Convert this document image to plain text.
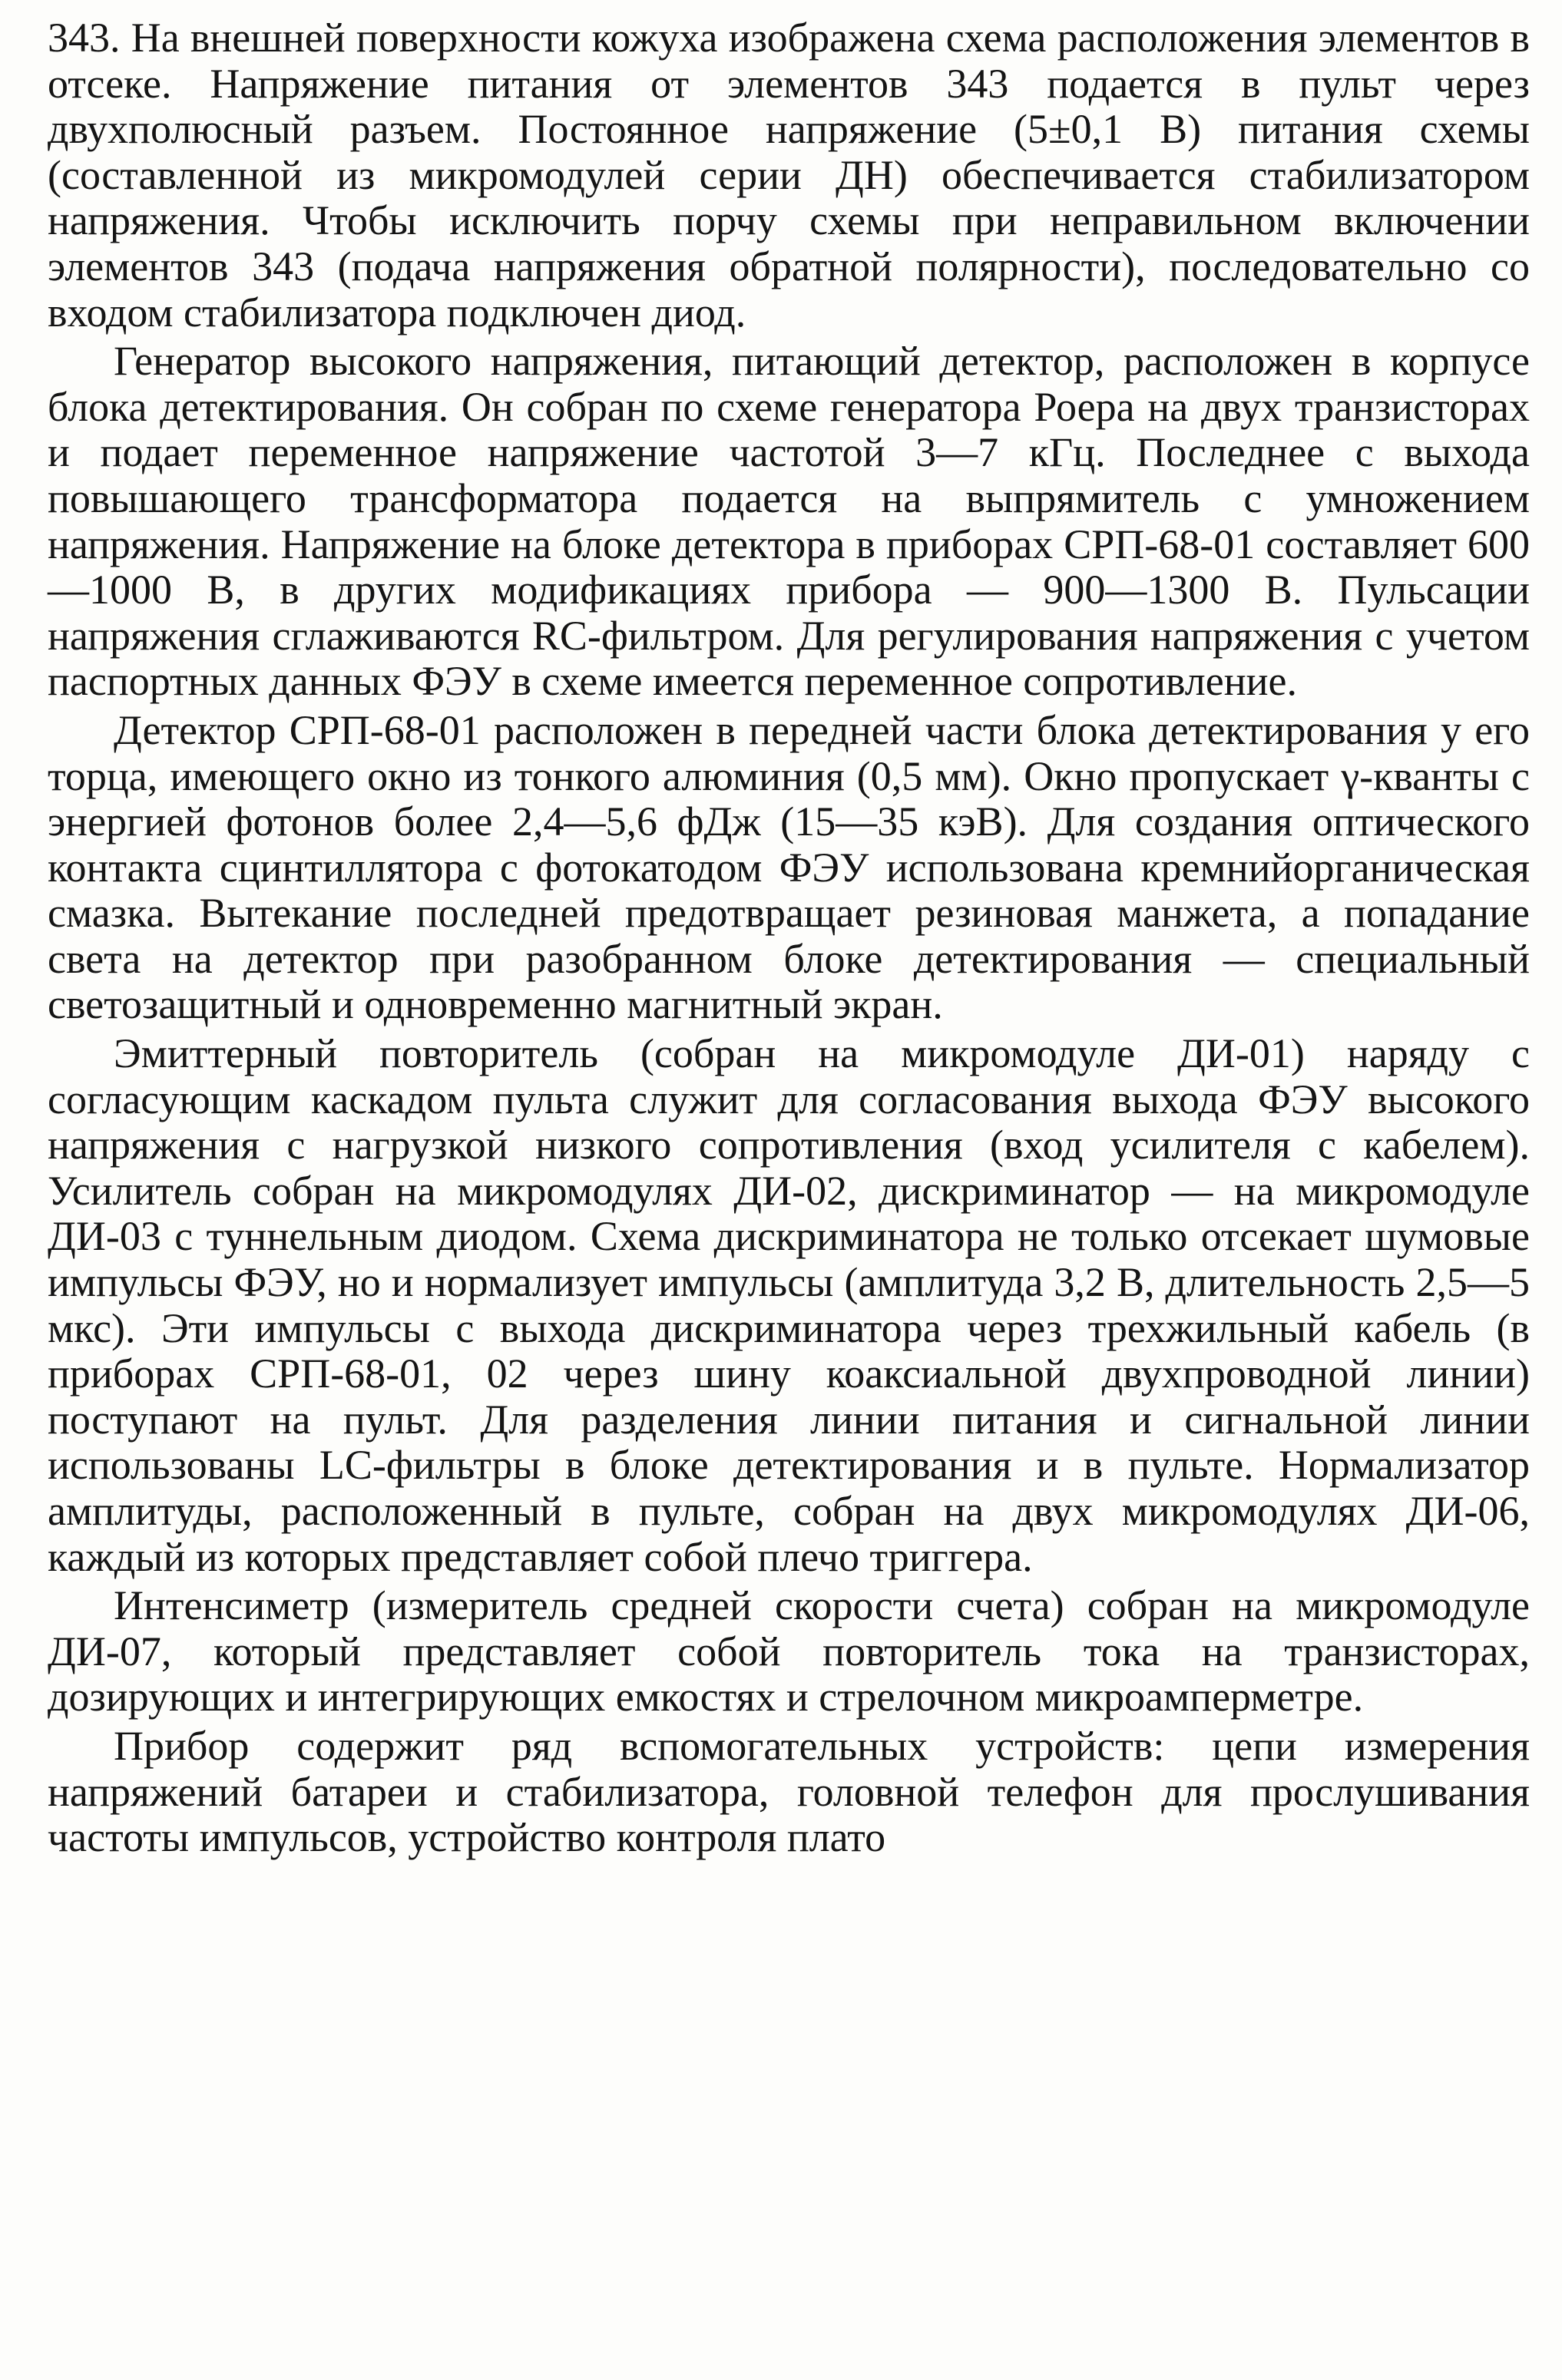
343. На внешней поверхности кожуха изображена схема расположения элементов в отсеке. Напряжение питания от элементов 343 подается в пульт через двухполюсный разъем. Постоянное напряжение (5±0,1 В) питания схемы (составленной из микромодулей серии ДН) обеспечивается стабилизатором напряжения. Чтобы исключить порчу схемы при неправильном включении элементов 343 (подача напряжения обратной полярности), последовательно со входом стабилизатора подключен диод.

Генератор высокого напряжения, питающий детектор, расположен в корпусе блока детектирования. Он собран по схеме генератора Роера на двух транзисторах и подает переменное напряжение частотой 3—7 кГц. Последнее с выхода повышающего трансформатора подается на выпрямитель с умножением напряжения. Напряжение на блоке детектора в приборах СРП-68-01 составляет 600—1000 В, в других модификациях прибора — 900—1300 В. Пульсации напряжения сглаживаются RC-фильтром. Для регулирования напряжения с учетом паспортных данных ФЭУ в схеме имеется переменное сопротивление.

Детектор СРП-68-01 расположен в передней части блока детектирования у его торца, имеющего окно из тонкого алюминия (0,5 мм). Окно пропускает γ-кванты с энергией фотонов более 2,4—5,6 фДж (15—35 кэВ). Для создания оптического контакта сцинтиллятора с фотокатодом ФЭУ использована кремнийорганическая смазка. Вытекание последней предотвращает резиновая манжета, а попадание света на детектор при разобранном блоке детектирования — специальный светозащитный и одновременно магнитный экран.

Эмиттерный повторитель (собран на микромодуле ДИ-01) наряду с согласующим каскадом пульта служит для согласования выхода ФЭУ высокого напряжения с нагрузкой низкого сопротивления (вход усилителя с кабелем). Усилитель собран на микромодулях ДИ-02, дискриминатор — на микромодуле ДИ-03 с туннельным диодом. Схема дискриминатора не только отсекает шумовые импульсы ФЭУ, но и нормализует импульсы (амплитуда 3,2 В, длительность 2,5—5 мкс). Эти импульсы с выхода дискриминатора через трехжильный кабель (в приборах СРП-68-01, 02 через шину коаксиальной двухпроводной линии) поступают на пульт. Для разделения линии питания и сигнальной линии использованы LC-фильтры в блоке детектирования и в пульте. Нормализатор амплитуды, расположенный в пульте, собран на двух микромодулях ДИ-06, каждый из которых представляет собой плечо триггера.

Интенсиметр (измеритель средней скорости счета) собран на микромодуле ДИ-07, который представляет собой повторитель тока на транзисторах, дозирующих и интегрирующих емкостях и стрелочном микроамперметре.

Прибор содержит ряд вспомогательных устройств: цепи измерения напряжений батареи и стабилизатора, головной телефон для прослушивания частоты импульсов, устройство контроля плато
